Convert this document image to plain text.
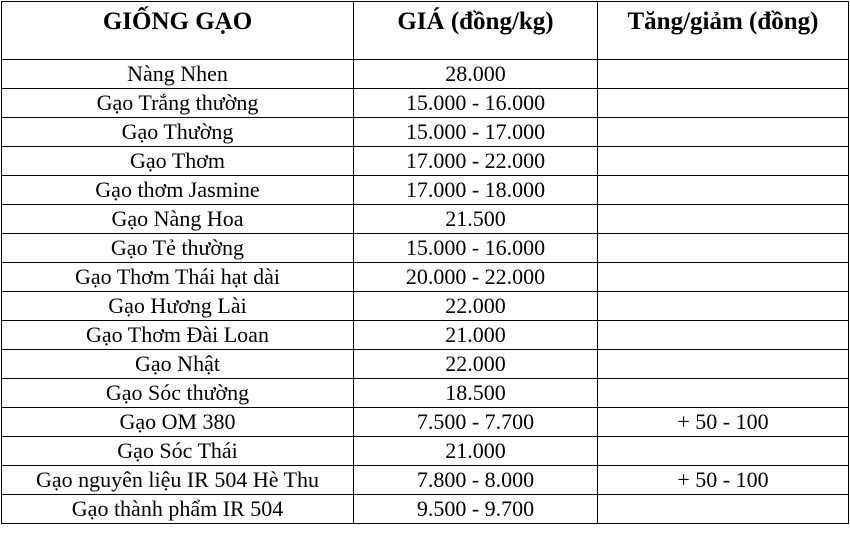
GIỐNG GẠO	GIÁ (đồng/kg)	Tăng/giảm (đồng)
Nàng Nhen	28.000	
Gạo Trắng thường	15.000 - 16.000	
Gạo Thường	15.000 - 17.000	
Gạo Thơm	17.000 - 22.000	
Gạo thơm Jasmine	17.000 - 18.000	
Gạo Nàng Hoa	21.500	
Gạo Tẻ thường	15.000 - 16.000	
Gạo Thơm Thái hạt dài	20.000 - 22.000	
Gạo Hương Lài	22.000	
Gạo Thơm Đài Loan	21.000	
Gạo Nhật	22.000	
Gạo Sóc thường	18.500	
Gạo OM 380	7.500 - 7.700	+ 50 - 100
Gạo Sóc Thái	21.000	
Gạo nguyên liệu IR 504 Hè Thu	7.800 - 8.000	+ 50 - 100
Gạo thành phẩm IR 504	9.500 - 9.700	
